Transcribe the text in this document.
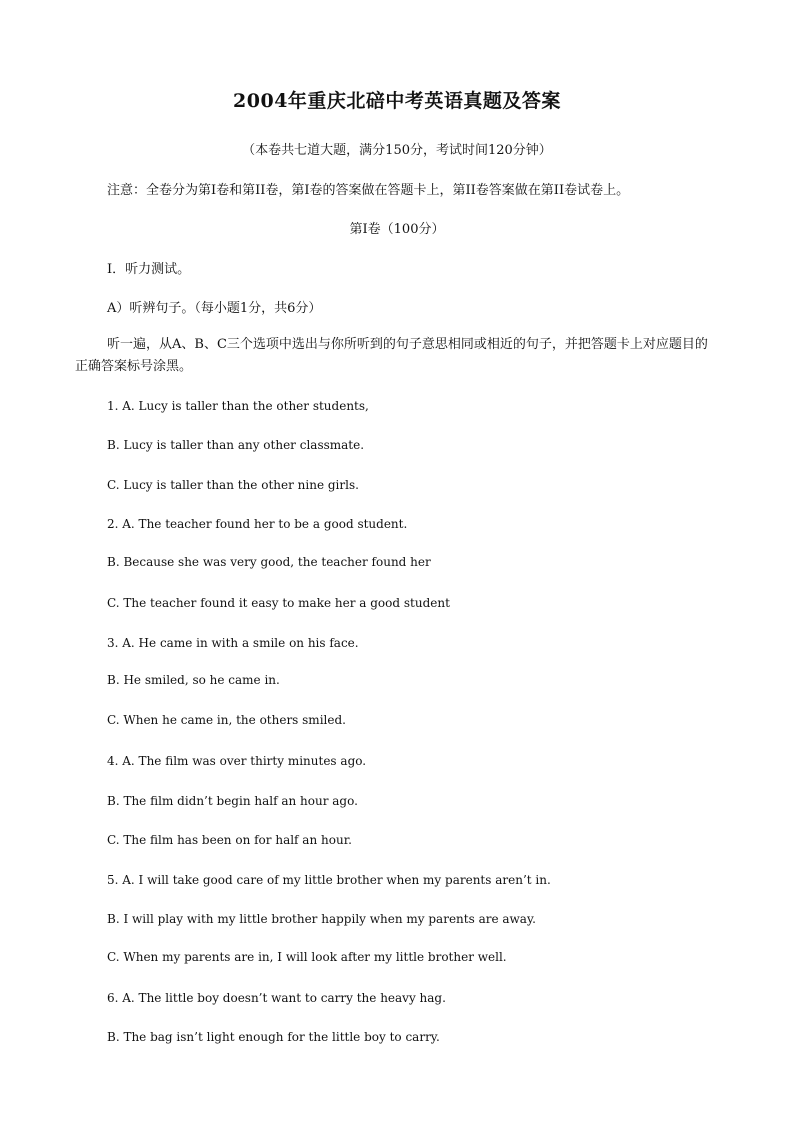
2004年重庆北碚中考英语真题及答案
（本卷共七道大题，满分150分，考试时间120分钟）
注意：全卷分为第I卷和第II卷，第I卷的答案做在答题卡上，第II卷答案做在第II卷试卷上。
第I卷（100分）
I．听力测试。
A）听辨句子。（每小题1分，共6分）
听一遍，从A、B、C三个选项中选出与你所听到的句子意思相同或相近的句子，并把答题卡上对应题目的正确答案标号涂黑。
1. A. Lucy is taller than the other students,
B. Lucy is taller than any other classmate.
C. Lucy is taller than the other nine girls.
2. A. The teacher found her to be a good student.
B. Because she was very good, the teacher found her
C. The teacher found it easy to make her a good student
3. A. He came in with a smile on his face.
B. He smiled, so he came in.
C. When he came in, the others smiled.
4. A. The film was over thirty minutes ago.
B. The film didn’t begin half an hour ago.
C. The film has been on for half an hour.
5. A. I will take good care of my little brother when my parents aren’t in.
B. I will play with my little brother happily when my parents are away.
C. When my parents are in, I will look after my little brother well.
6. A. The little boy doesn’t want to carry the heavy hag.
B. The bag isn’t light enough for the little boy to carry.
